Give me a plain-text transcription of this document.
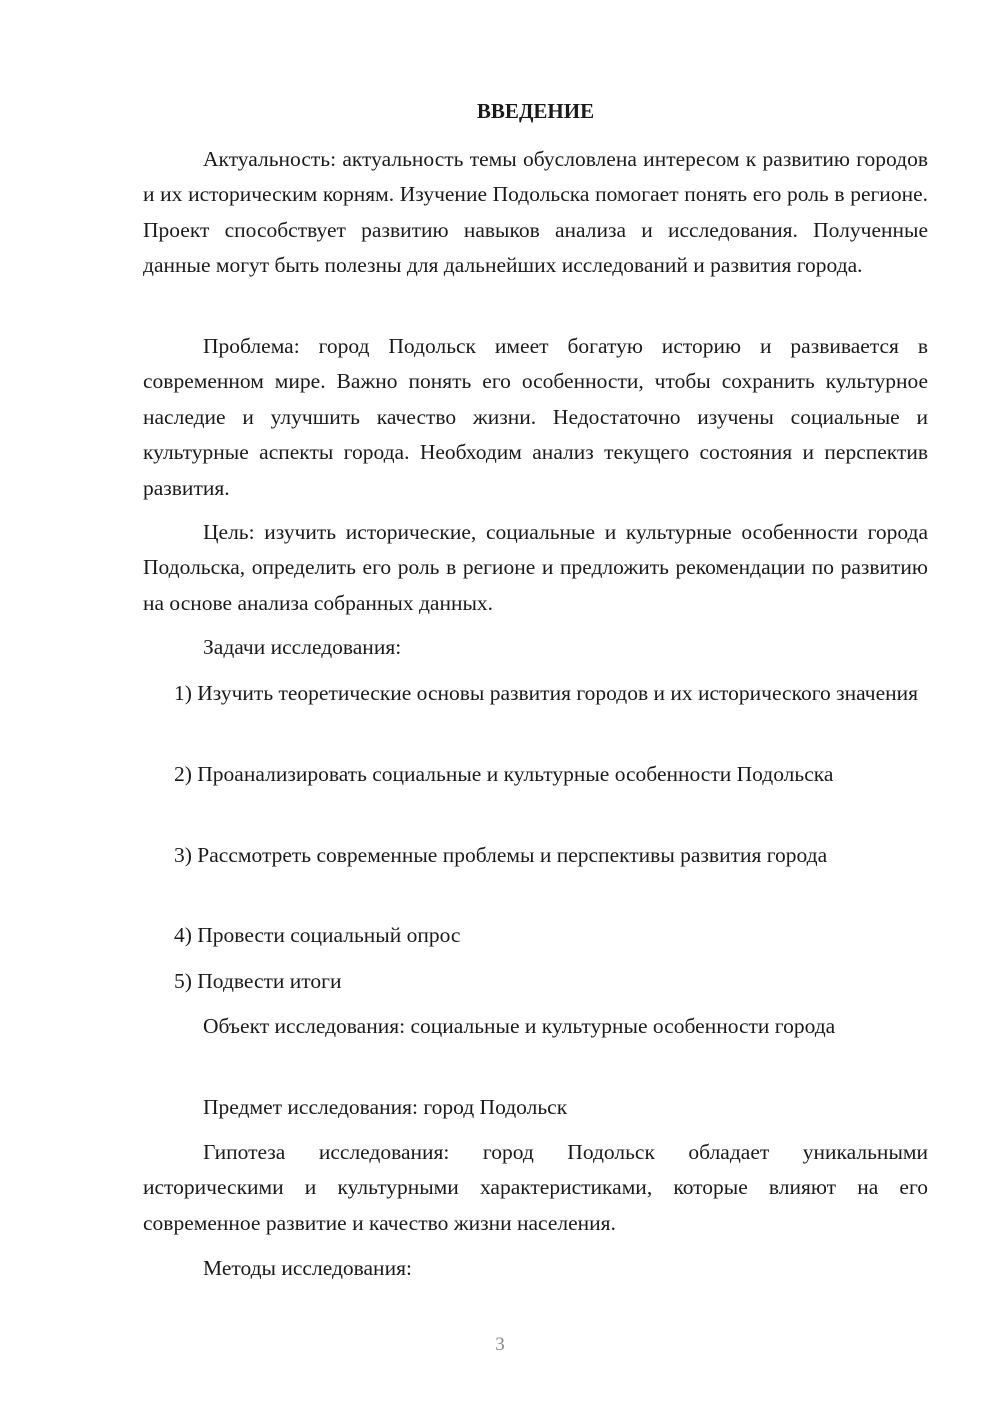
ВВЕДЕНИЕ

Актуальность: актуальность темы обусловлена интересом к развитию городов и их историческим корням. Изучение Подольска помогает понять его роль в регионе. Проект способствует развитию навыков анализа и исследования. Полученные данные могут быть полезны для дальнейших исследований и развития города.

Проблема: город Подольск имеет богатую историю и развивается в современном мире. Важно понять его особенности, чтобы сохранить культурное наследие и улучшить качество жизни. Недостаточно изучены социальные и культурные аспекты города. Необходим анализ текущего состояния и перспектив развития.

Цель: изучить исторические, социальные и культурные особенности города Подольска, определить его роль в регионе и предложить рекомендации по развитию на основе анализа собранных данных.

Задачи исследования:

1) Изучить теоретические основы развития городов и их исторического значения

2) Проанализировать социальные и культурные особенности Подольска

3) Рассмотреть современные проблемы и перспективы развития города

4) Провести социальный опрос

5) Подвести итоги

Объект исследования: социальные и культурные особенности города

Предмет исследования: город Подольск

Гипотеза исследования: город Подольск обладает уникальными историческими и культурными характеристиками, которые влияют на его современное развитие и качество жизни населения.

Методы исследования:

3
